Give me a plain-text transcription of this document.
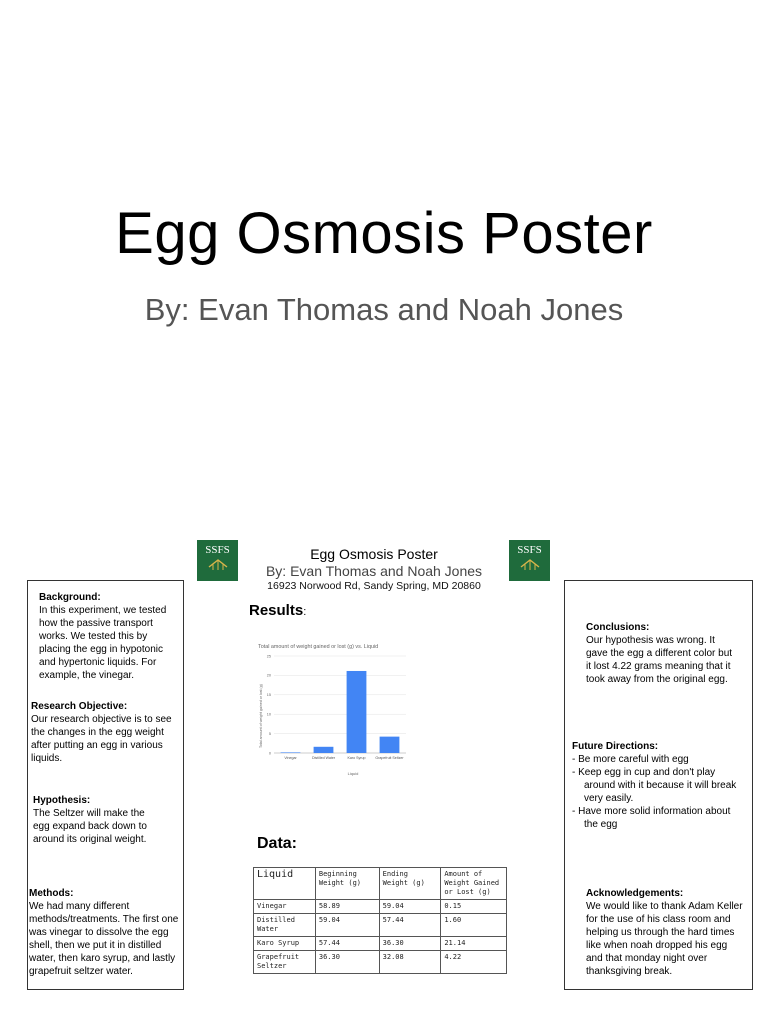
Egg Osmosis Poster
By: Evan Thomas and Noah Jones
SSFS	SSFS
Egg Osmosis Poster
By: Evan Thomas and Noah Jones
16923 Norwood Rd, Sandy Spring, MD 20860
Background:
In this experiment, we tested how the passive transport works. We tested this by placing the egg in hypotonic and hypertonic liquids. For example, the vinegar.
Research Objective:
Our research objective is to see the changes in the egg weight after putting an egg in various liquids.
Hypothesis:
The Seltzer will make the egg expand back down to around its original weight.
Methods:
We had many different methods/treatments. The first one was vinegar to dissolve the egg shell, then we put it in distilled water, then karo syrup, and lastly grapefruit seltzer water.
Results:
Total amount of weight gained or lost (g) vs. Liquid
Total amount of weight gained or lost (g)
0
5
10
15
20
25
Vinegar	Distilled Water	Karo Syrup	Grapefruit Seltzer
Liquid
Data:
Liquid	Beginning Weight (g)	Ending Weight (g)	Amount of Weight Gained or Lost (g)
Vinegar	58.89	59.04	0.15
Distilled Water	59.04	57.44	1.60
Karo Syrup	57.44	36.30	21.14
Grapefruit Seltzer	36.30	32.08	4.22
Conclusions:
Our hypothesis was wrong. It gave the egg a different color but it lost 4.22 grams meaning that it took away from the original egg.
Future Directions:
- Be more careful with egg
- Keep egg in cup and don't play around with it because it will break very easily.
- Have more solid information about the egg
Acknowledgements:
We would like to thank Adam Keller for the use of his class room and helping us through the hard times like when noah dropped his egg and that monday night over thanksgiving break.
